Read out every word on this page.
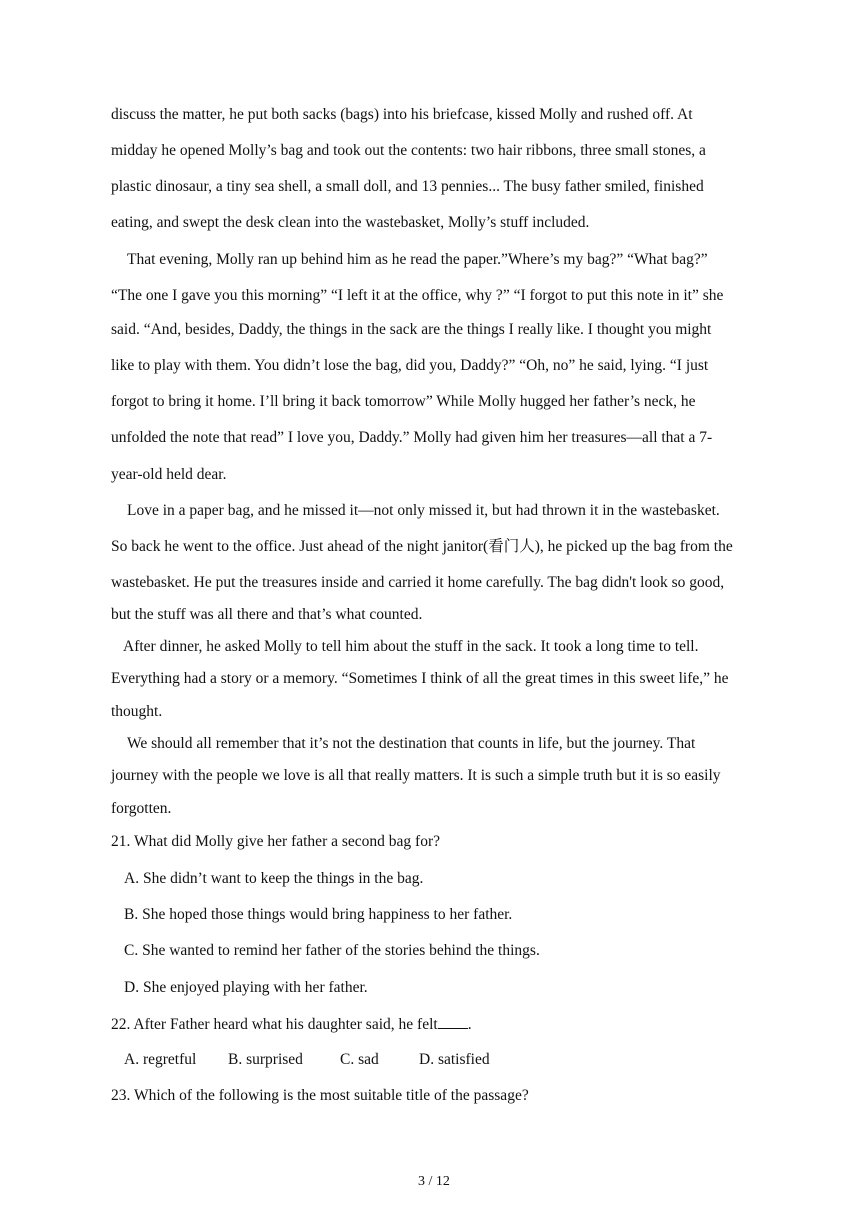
discuss the matter, he put both sacks (bags) into his briefcase, kissed Molly and rushed off. At
midday he opened Molly’s bag and took out the contents: two hair ribbons, three small stones, a
plastic dinosaur, a tiny sea shell, a small doll, and 13 pennies... The busy father smiled, finished
eating, and swept the desk clean into the wastebasket, Molly’s stuff included.
That evening, Molly ran up behind him as he read the paper.”Where’s my bag?” “What bag?”
“The one I gave you this morning” “I left it at the office, why ?” “I forgot to put this note in it” she
said. “And, besides, Daddy, the things in the sack are the things I really like. I thought you might
like to play with them. You didn’t lose the bag, did you, Daddy?” “Oh, no” he said, lying. “I just
forgot to bring it home. I’ll bring it back tomorrow” While Molly hugged her father’s neck, he
unfolded the note that read” I love you, Daddy.” Molly had given him her treasures—all that a 7-
year-old held dear.
Love in a paper bag, and he missed it—not only missed it, but had thrown it in the wastebasket.
So back he went to the office. Just ahead of the night janitor(看门人), he picked up the bag from the
wastebasket. He put the treasures inside and carried it home carefully. The bag didn't look so good,
but the stuff was all there and that’s what counted.
After dinner, he asked Molly to tell him about the stuff in the sack. It took a long time to tell.
Everything had a story or a memory. “Sometimes I think of all the great times in this sweet life,” he
thought.
We should all remember that it’s not the destination that counts in life, but the journey. That
journey with the people we love is all that really matters. It is such a simple truth but it is so easily
forgotten.
21. What did Molly give her father a second bag for?
A. She didn’t want to keep the things in the bag.
B. She hoped those things would bring happiness to her father.
C. She wanted to remind her father of the stories behind the things.
D. She enjoyed playing with her father.
22. After Father heard what his daughter said, he felt .
A. regretful B. surprised C. sad	D. satisfied
23. Which of the following is the most suitable title of the passage?
3 / 12
